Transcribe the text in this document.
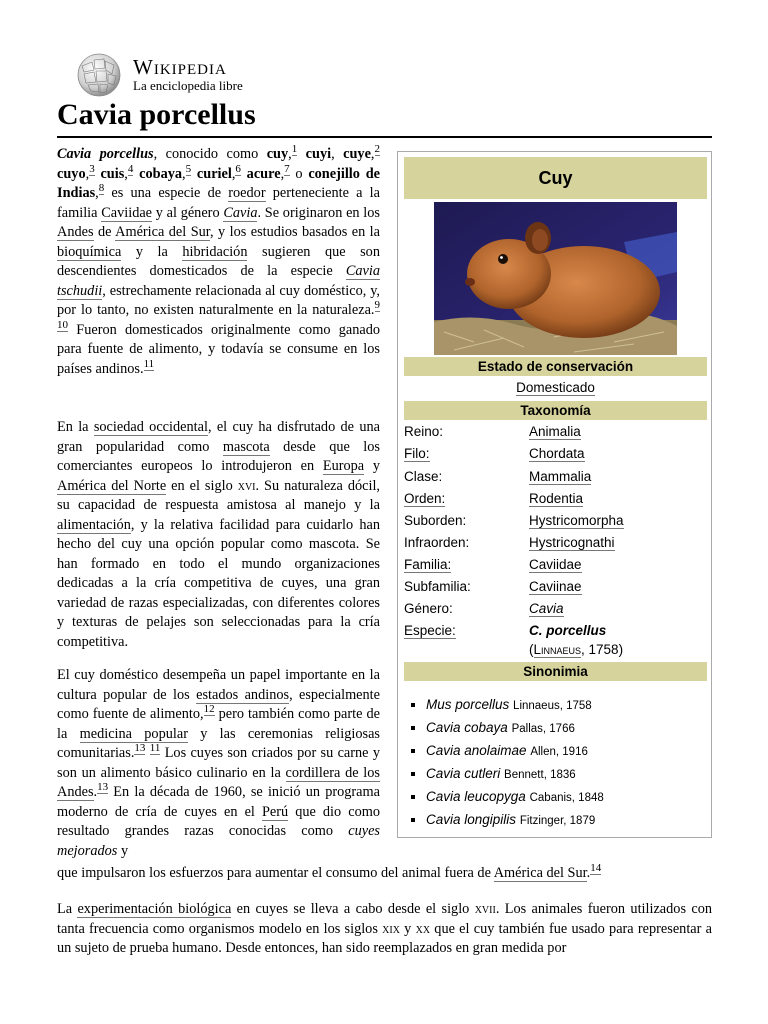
Wikipedia
La enciclopedia libre
Cavia porcellus

Cavia porcellus, conocido como cuy,$^1$ cuyi, cuye,$^2$ cuyo,$^3$ cuis,$^4$ cobaya,$^5$ curiel,$^6$ acure,$^7$ o conejillo de Indias,$^8$ es una especie de roedor perteneciente a la familia Caviidae y al género Cavia. Se originaron en los Andes de América del Sur, y los estudios basados en la bioquímica y la hibridación sugieren que son descendientes domesticados de la especie Cavia tschudii, estrechamente relacionada al cuy doméstico, y, por lo tanto, no existen naturalmente en la naturaleza.$^9$ $^{10}$ Fueron domesticados originalmente como ganado para fuente de alimento, y todavía se consume en los países andinos.$^{11}$

En la sociedad occidental, el cuy ha disfrutado de una gran popularidad como mascota desde que los comerciantes europeos lo introdujeron en Europa y América del Norte en el siglo xvi. Su naturaleza dócil, su capacidad de respuesta amistosa al manejo y la alimentación, y la relativa facilidad para cuidarlo han hecho del cuy una opción popular como mascota. Se han formado en todo el mundo organizaciones dedicadas a la cría competitiva de cuyes, una gran variedad de razas especializadas, con diferentes colores y texturas de pelajes son seleccionadas para la cría competitiva.

El cuy doméstico desempeña un papel importante en la cultura popular de los estados andinos, especialmente como fuente de alimento,$^{12}$ pero también como parte de la medicina popular y las ceremonias religiosas comunitarias.$^{13}$ $^{11}$ Los cuyes son criados por su carne y son un alimento básico culinario en la cordillera de los Andes.$^{13}$ En la década de 1960, se inició un programa moderno de cría de cuyes en el Perú que dio como resultado grandes razas conocidas como cuyes mejorados y

que impulsaron los esfuerzos para aumentar el consumo del animal fuera de América del Sur.$^{14}$

La experimentación biológica en cuyes se lleva a cabo desde el siglo xvii. Los animales fueron utilizados con tanta frecuencia como organismos modelo en los siglos xix y xx que el cuy también fue usado para representar a un sujeto de prueba humano. Desde entonces, han sido reemplazados en gran medida por

Cuy
Estado de conservación
Domesticado
Taxonomía
Reino:	Animalia
Filo:	Chordata
Clase:	Mammalia
Orden:	Rodentia
Suborden:	Hystricomorpha
Infraorden:	Hystricognathi
Familia:	Caviidae
Subfamilia:	Caviinae
Género:	Cavia
Especie:	C. porcellus
(Linnaeus, 1758)
Sinonimia
▪ Mus porcellus Linnaeus, 1758
▪ Cavia cobaya Pallas, 1766
▪ Cavia anolaimae Allen, 1916
▪ Cavia cutleri Bennett, 1836
▪ Cavia leucopyga Cabanis, 1848
▪ Cavia longipilis Fitzinger, 1879
